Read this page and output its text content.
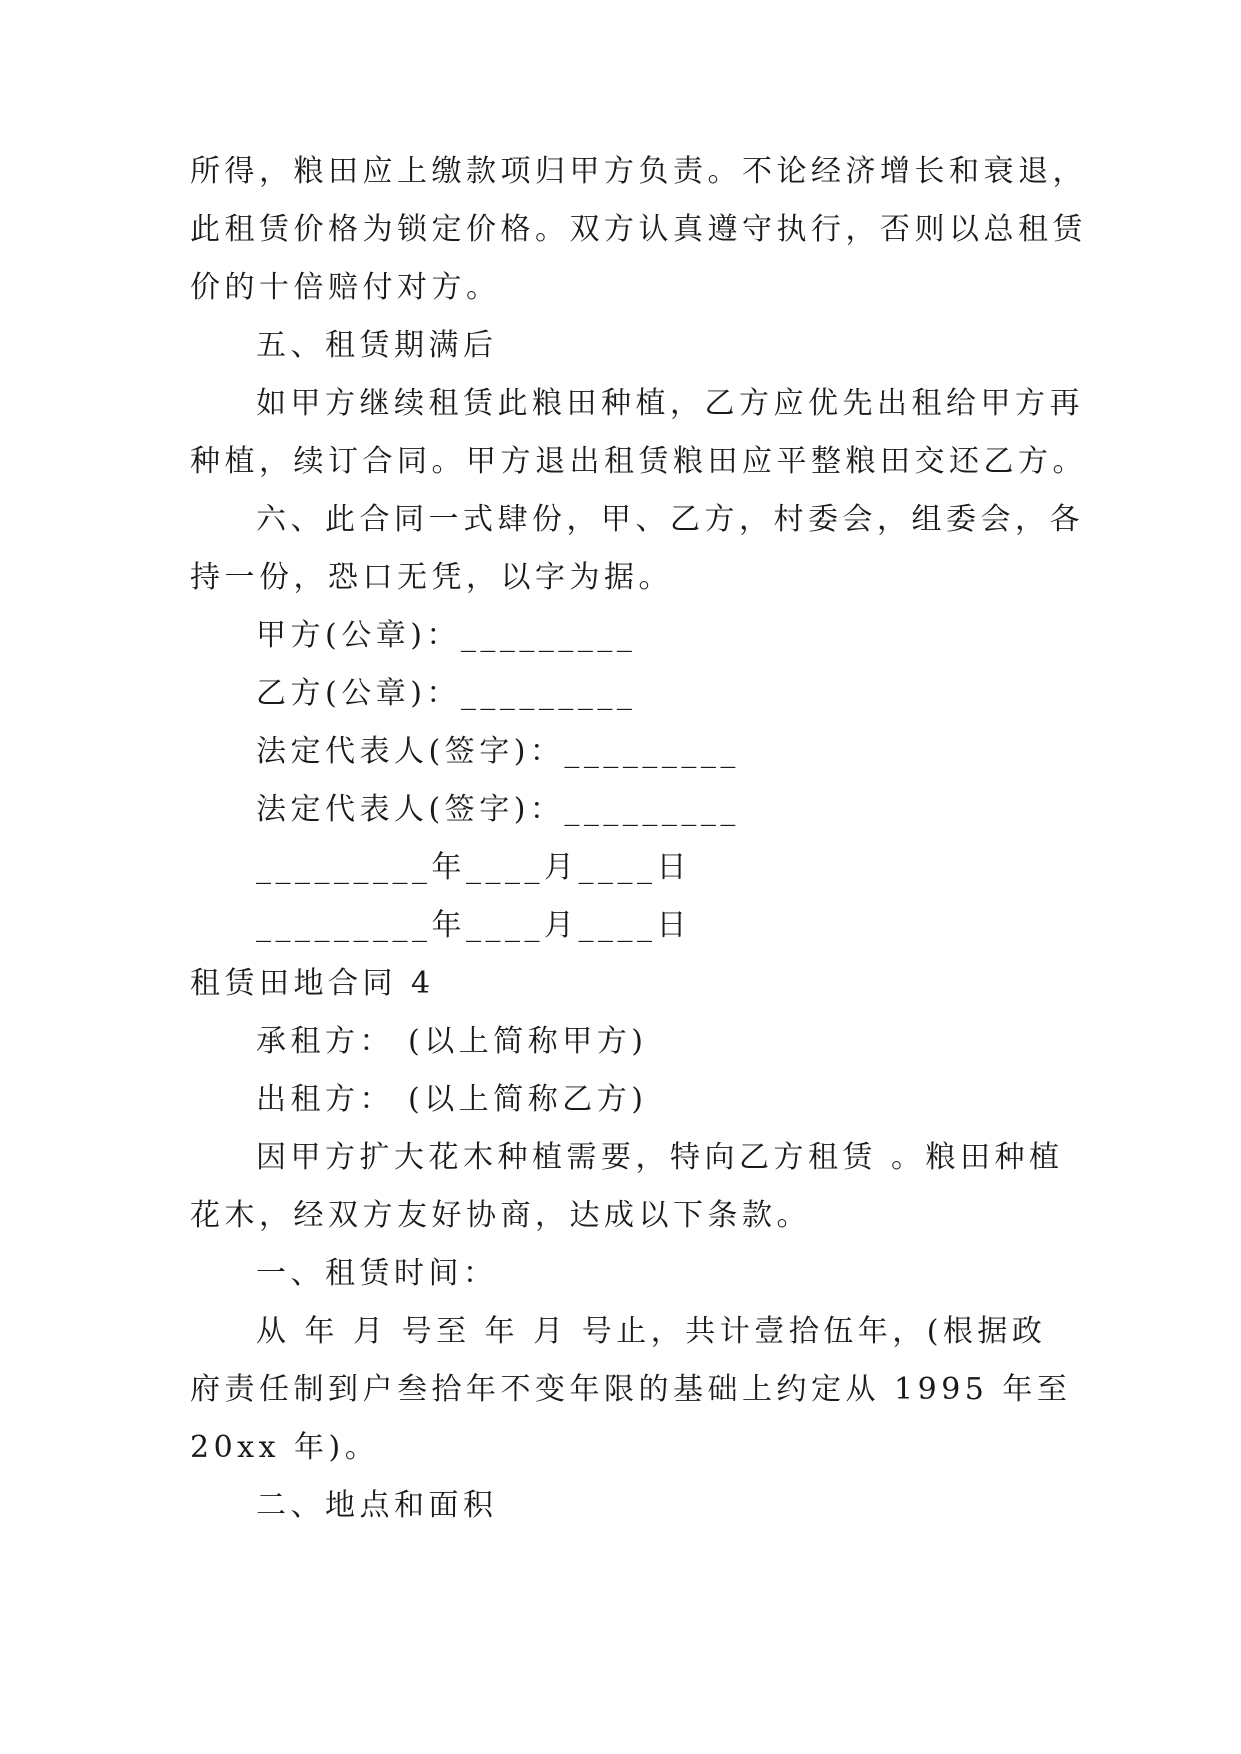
所得，粮田应上缴款项归甲方负责。不论经济增长和衰退，
此租赁价格为锁定价格。双方认真遵守执行，否则以总租赁
价的十倍赔付对方。
五、租赁期满后
如甲方继续租赁此粮田种植，乙方应优先出租给甲方再
种植，续订合同。甲方退出租赁粮田应平整粮田交还乙方。
六、此合同一式肆份，甲、乙方，村委会，组委会，各
持一份，恐口无凭，以字为据。
甲方(公章)：_________
乙方(公章)：_________
法定代表人(签字)：_________
法定代表人(签字)：_________
_________年____月____日
_________年____月____日
租赁田地合同 4
承租方： (以上简称甲方)
出租方： (以上简称乙方)
因甲方扩大花木种植需要，特向乙方租赁 。粮田种植
花木，经双方友好协商，达成以下条款。
一、租赁时间：
从 年 月 号至 年 月 号止，共计壹拾伍年，(根据政
府责任制到户叁拾年不变年限的基础上约定从 1995 年至
20xx 年)。
二、地点和面积
